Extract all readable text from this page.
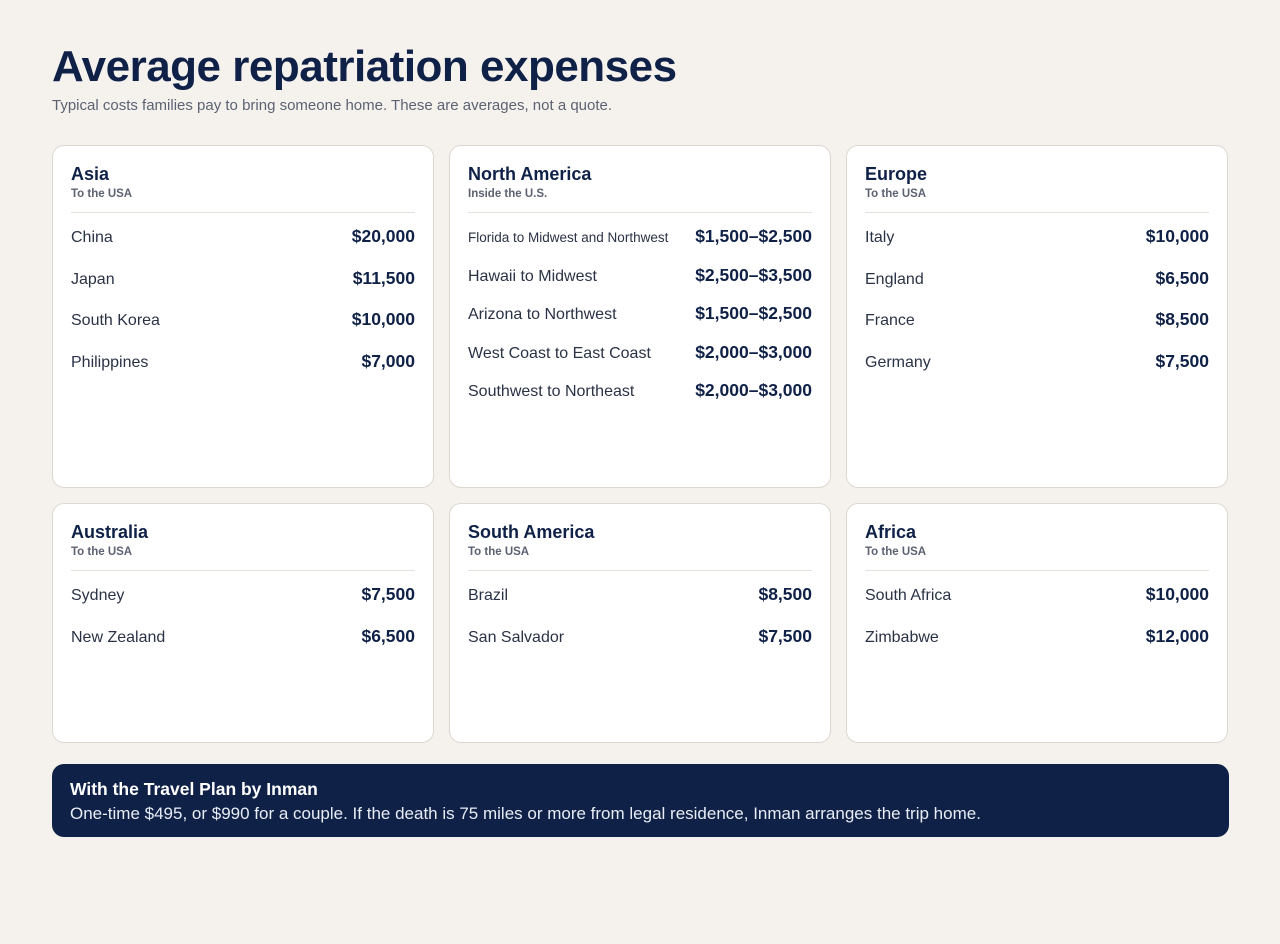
Average repatriation expenses

Typical costs families pay to bring someone home. These are averages, not a quote.

Asia
To the USA
China	$20,000
Japan	$11,500
South Korea	$10,000
Philippines	$7,000
North America
Inside the U.S.
Florida to Midwest and Northwest $1,500–$2,500
Hawaii to Midwest	$2,500–$3,500
Arizona to Northwest	$1,500–$2,500
West Coast to East Coast	$2,000–$3,000
Southwest to Northeast	$2,000–$3,000
Europe
To the USA
Italy	$10,000
England	$6,500
France	$8,500
Germany	$7,500
Australia
To the USA
Sydney	$7,500
New Zealand	$6,500
South America
To the USA
Brazil	$8,500
San Salvador	$7,500
Africa
To the USA
South Africa	$10,000
Zimbabwe	$12,000
With the Travel Plan by Inman
One-time $495, or $990 for a couple. If the death is 75 miles or more from legal residence, Inman arranges the trip home.
